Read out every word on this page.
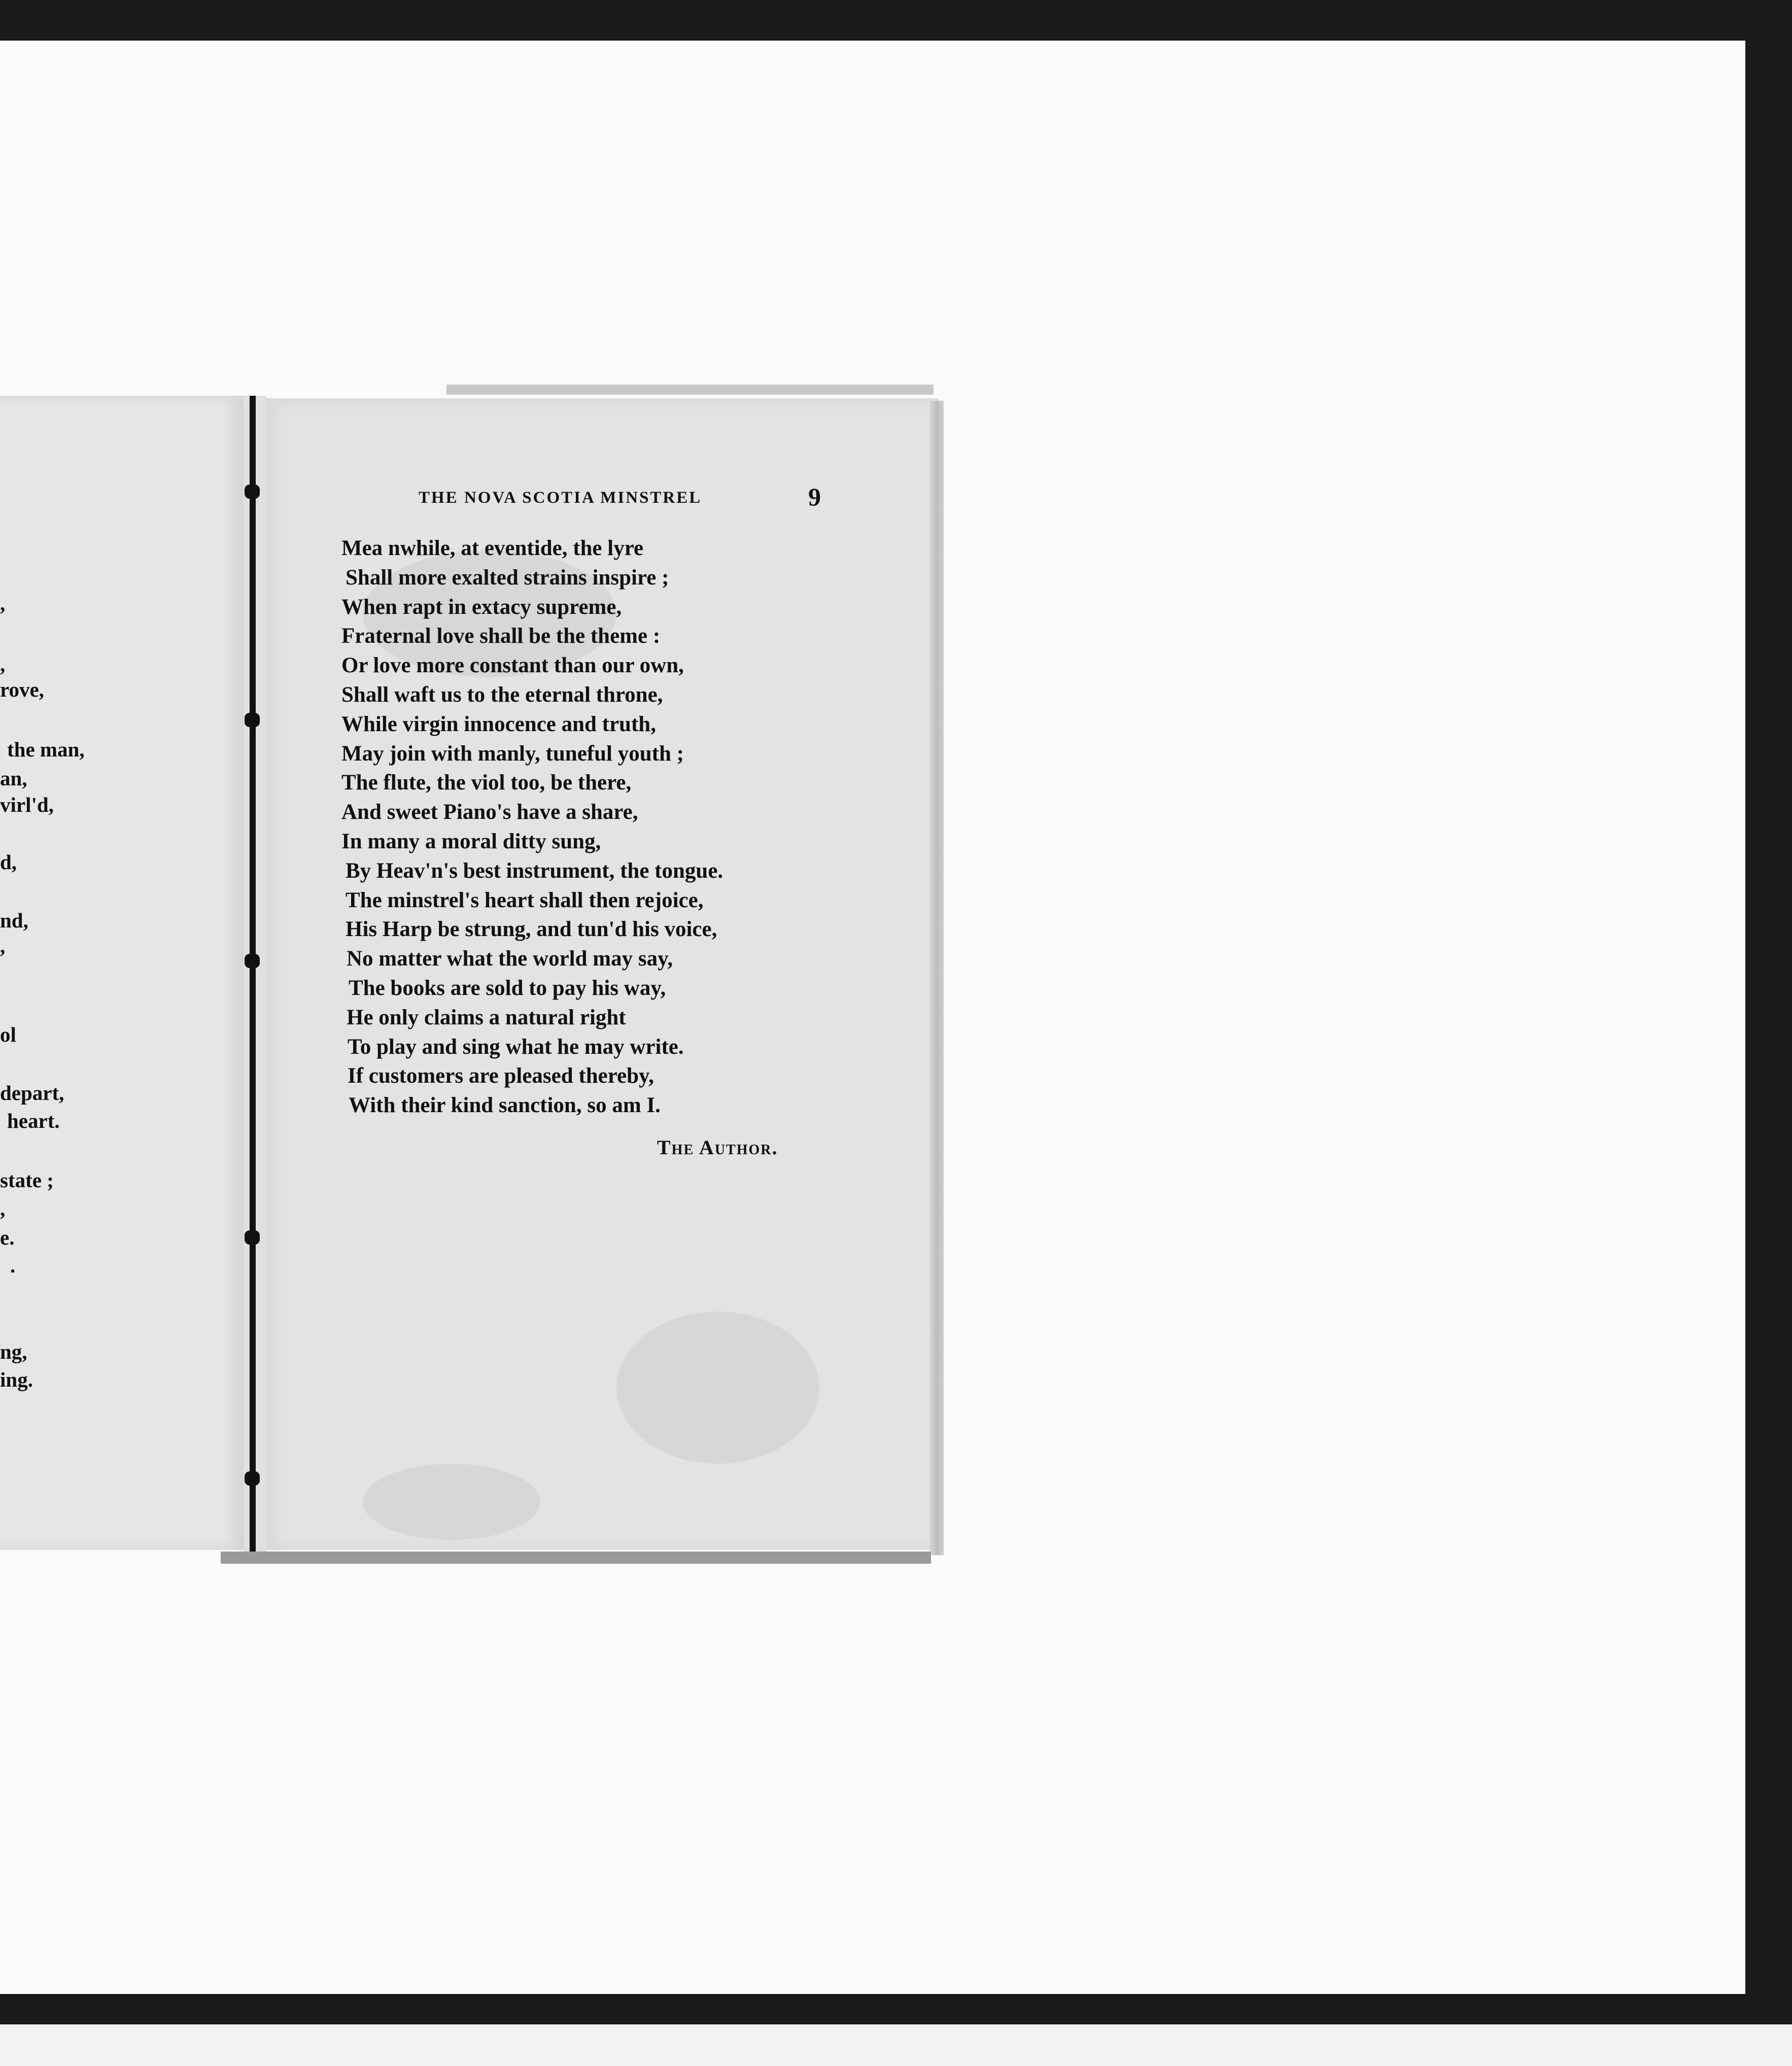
,
,
rove,
the man,
an,
virl'd,
d,
nd,
,
ol
depart,
heart.
state ;
,
e.
.
ng,
ing.
THE NOVA SCOTIA MINSTREL	9
Mea nwhile, at eventide, the lyre
Shall more exalted strains inspire ;
When rapt in extacy supreme,
Fraternal love shall be the theme :
Or love more constant than our own,
Shall waft us to the eternal throne,
While virgin innocence and truth,
May join with manly, tuneful youth ;
The flute, the viol too, be there,
And sweet Piano's have a share,
In many a moral ditty sung,
By Heav'n's best instrument, the tongue.
The minstrel's heart shall then rejoice,
His Harp be strung, and tun'd his voice,
No matter what the world may say,
The books are sold to pay his way,
He only claims a natural right
To play and sing what he may write.
If customers are pleased thereby,
With their kind sanction, so am I.
The Author.
